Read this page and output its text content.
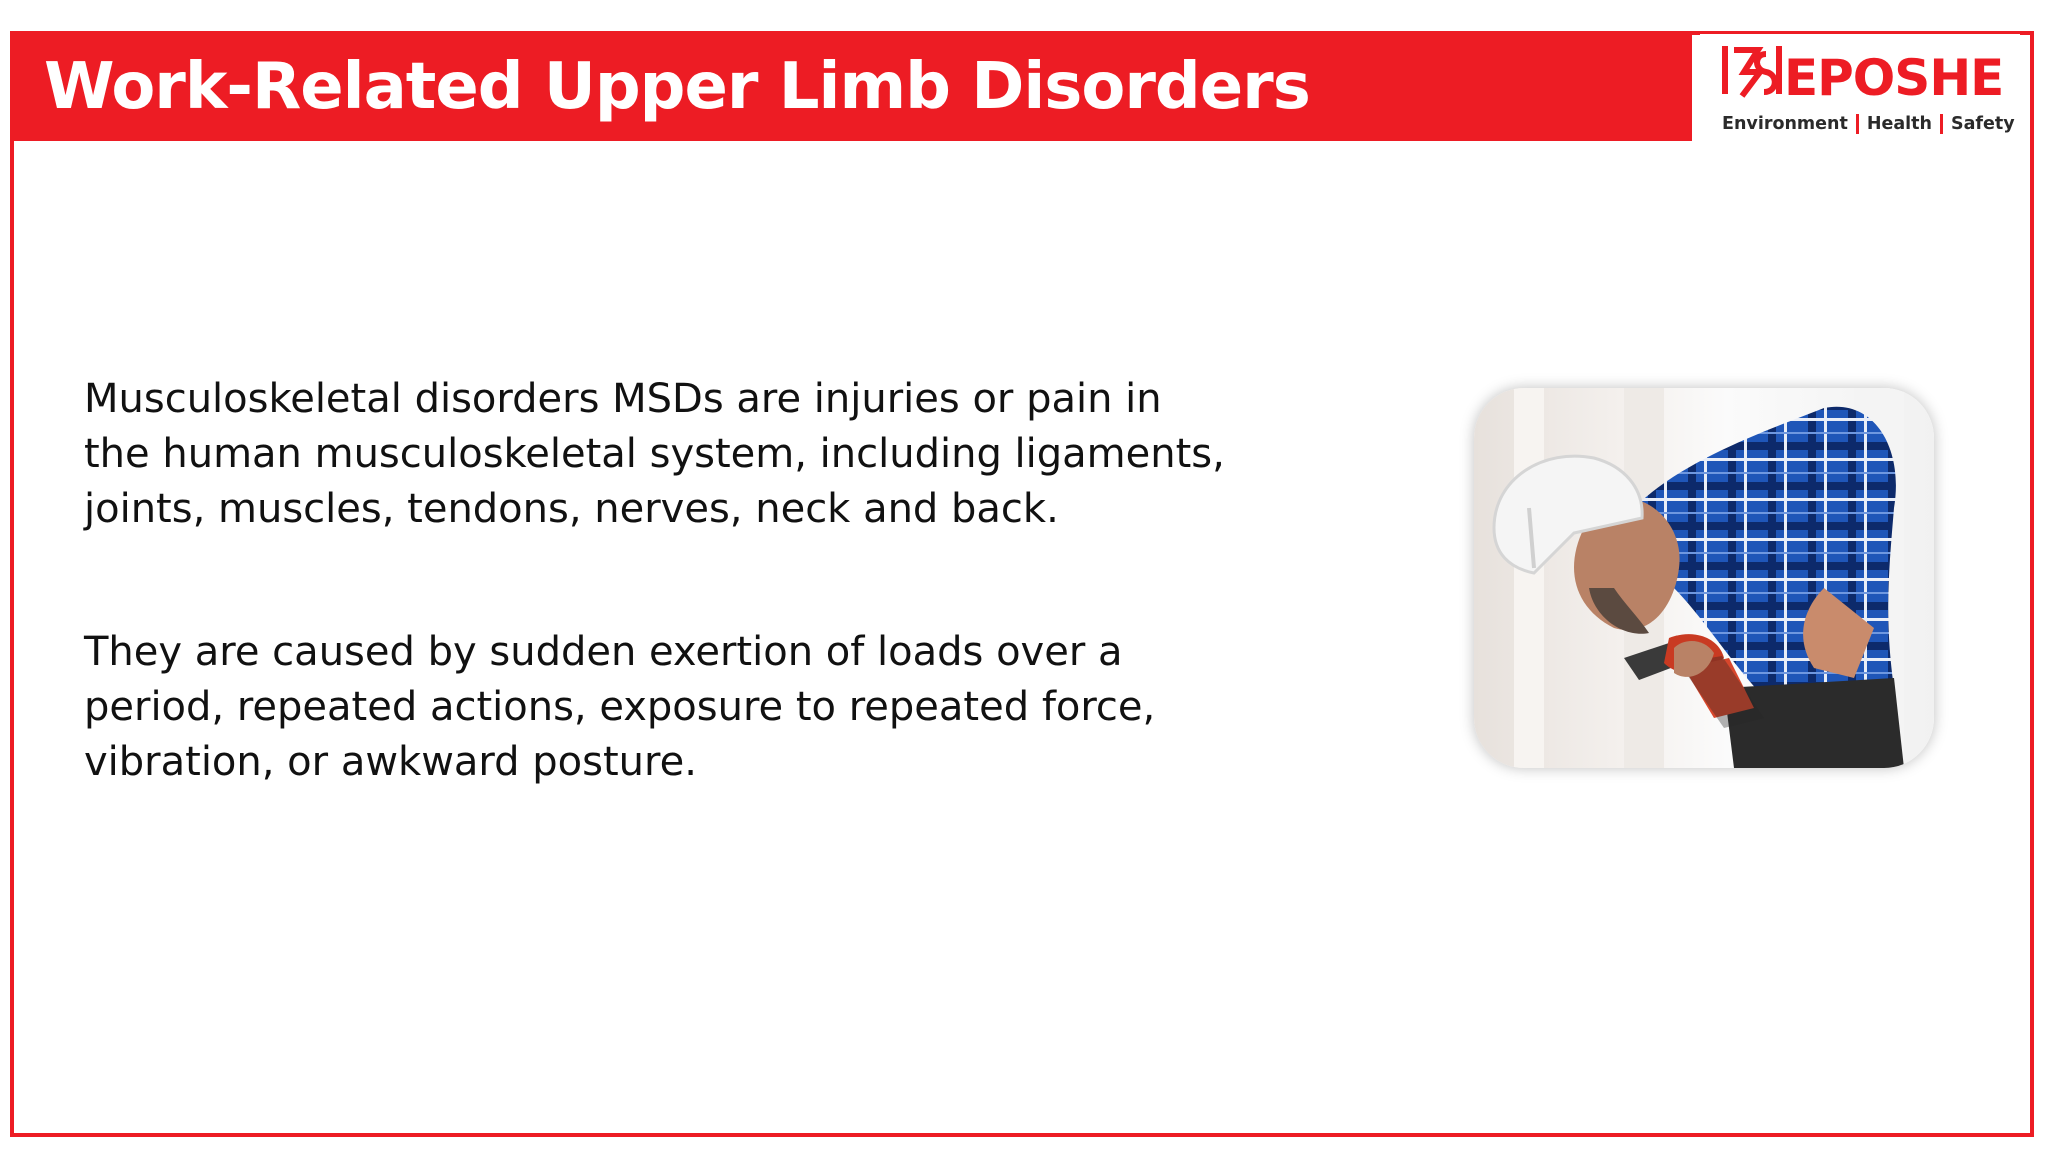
Work-Related Upper Limb Disorders	EPOSHE
Environment Health Safety

Musculoskeletal disorders MSDs are injuries or pain in
the human musculoskeletal system, including ligaments,
joints, muscles, tendons, nerves, neck and back.

They are caused by sudden exertion of loads over a
period, repeated actions, exposure to repeated force,
vibration, or awkward posture.
